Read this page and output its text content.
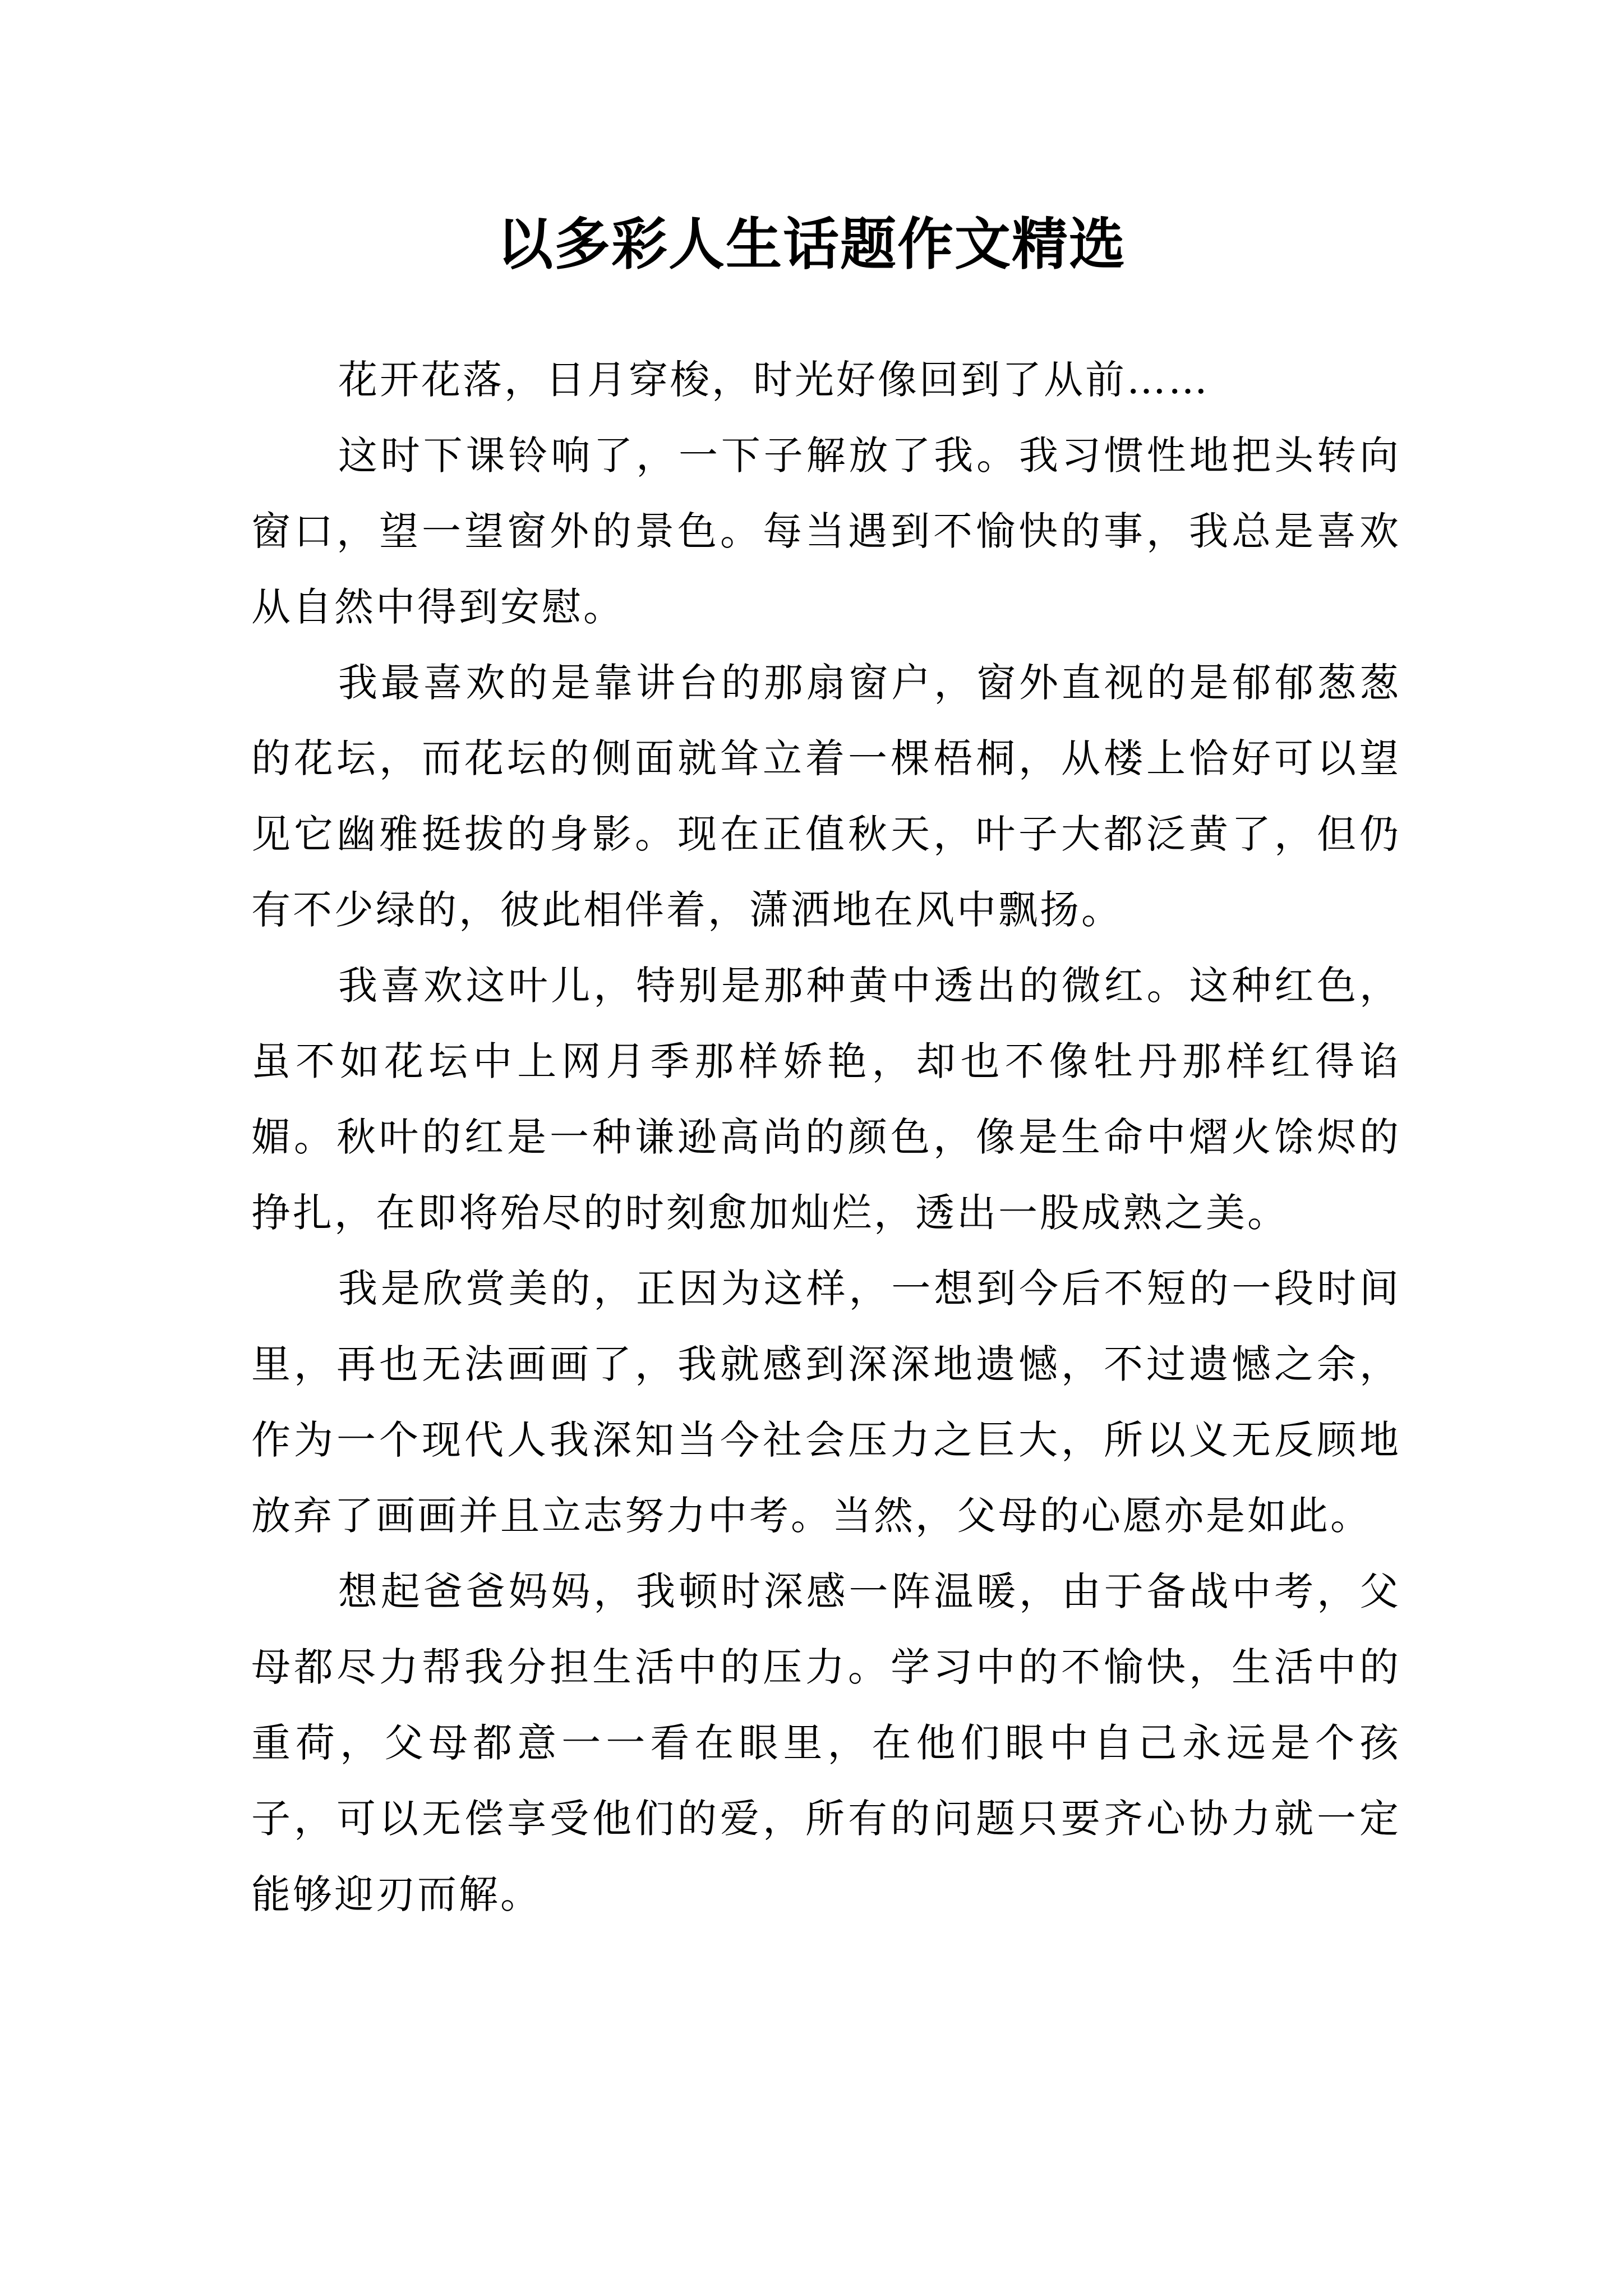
以多彩人生话题作文精选

花开花落，日月穿梭，时光好像回到了从前……

这时下课铃响了，一下子解放了我。我习惯性地把头转向窗口，望一望窗外的景色。每当遇到不愉快的事，我总是喜欢从自然中得到安慰。

我最喜欢的是靠讲台的那扇窗户，窗外直视的是郁郁葱葱的花坛，而花坛的侧面就耸立着一棵梧桐，从楼上恰好可以望见它幽雅挺拔的身影。现在正值秋天，叶子大都泛黄了，但仍有不少绿的，彼此相伴着，潇洒地在风中飘扬。

我喜欢这叶儿，特别是那种黄中透出的微红。这种红色，虽不如花坛中上网月季那样娇艳，却也不像牡丹那样红得谄媚。秋叶的红是一种谦逊高尚的颜色，像是生命中熠火馀烬的挣扎，在即将殆尽的时刻愈加灿烂，透出一股成熟之美。

我是欣赏美的，正因为这样，一想到今后不短的一段时间里，再也无法画画了，我就感到深深地遗憾，不过遗憾之余，作为一个现代人我深知当今社会压力之巨大，所以义无反顾地放弃了画画并且立志努力中考。当然，父母的心愿亦是如此。

想起爸爸妈妈，我顿时深感一阵温暖，由于备战中考，父母都尽力帮我分担生活中的压力。学习中的不愉快，生活中的重荷，父母都意一一看在眼里，在他们眼中自己永远是个孩子，可以无偿享受他们的爱，所有的问题只要齐心协力就一定能够迎刃而解。
